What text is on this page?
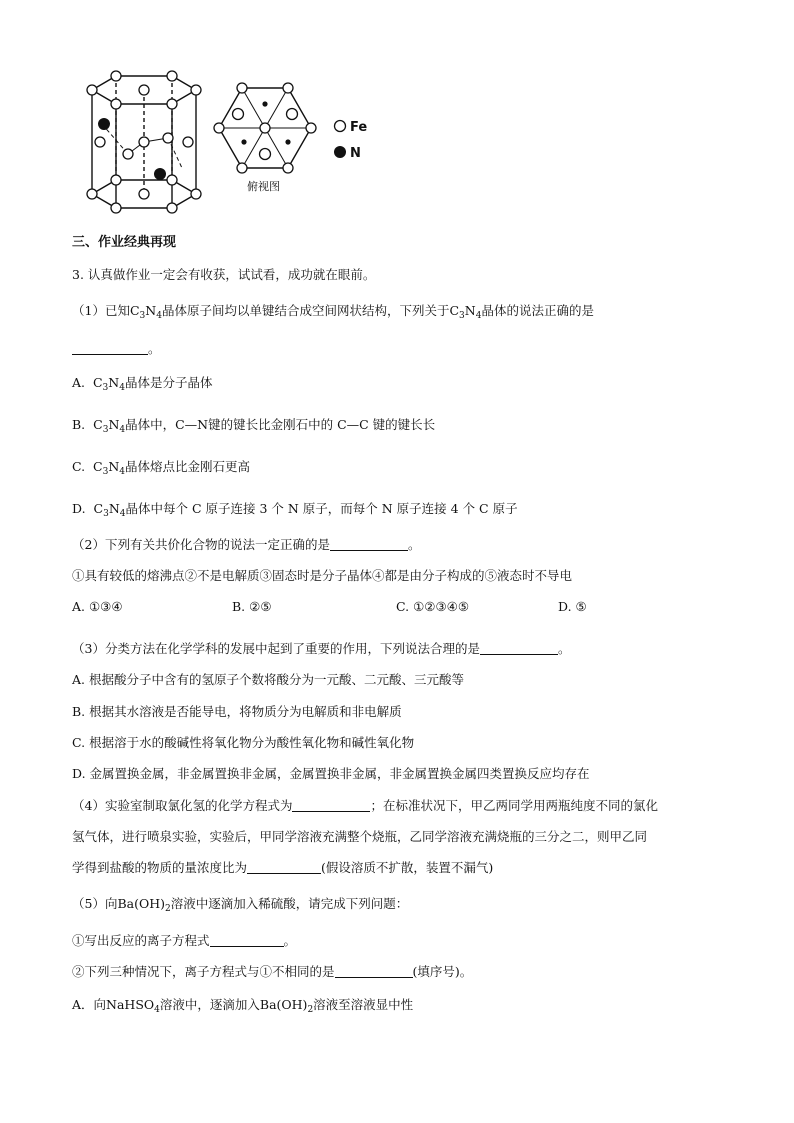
俯视图
Fe
N
三、作业经典再现
3. 认真做作业一定会有收获，试试看，成功就在眼前。
（1）已知$C_3N_4$晶体原子间均以单键结合成空间网状结构，下列关于$C_3N_4$晶体的说法正确的是
。
A. $C_3N_4$晶体是分子晶体
B. $C_3N_4$晶体中，C—N键的键长比金刚石中的 C—C 键的键长长
C. $C_3N_4$晶体熔点比金刚石更高
D. $C_3N_4$晶体中每个 C 原子连接 3 个 N 原子，而每个 N 原子连接 4 个 C 原子
（2）下列有关共价化合物的说法一定正确的是	。
①具有较低的熔沸点②不是电解质③固态时是分子晶体④都是由分子构成的⑤液态时不导电
A. ①③④	B. ②⑤	C. ①②③④⑤	D. ⑤
（3）分类方法在化学学科的发展中起到了重要的作用，下列说法合理的是	。
A. 根据酸分子中含有的氢原子个数将酸分为一元酸、二元酸、三元酸等
B. 根据其水溶液是否能导电，将物质分为电解质和非电解质
C. 根据溶于水的酸碱性将氧化物分为酸性氧化物和碱性氧化物
D. 金属置换金属，非金属置换非金属，金属置换非金属，非金属置换金属四类置换反应均存在
（4）实验室制取氯化氢的化学方程式为	；在标准状况下，甲乙两同学用两瓶纯度不同的氯化
氢气体，进行喷泉实验，实验后，甲同学溶液充满整个烧瓶，乙同学溶液充满烧瓶的三分之二，则甲乙同
学得到盐酸的物质的量浓度比为	(假设溶质不扩散，装置不漏气)
（5）向$Ba(OH)_2$溶液中逐滴加入稀硫酸，请完成下列问题：
①写出反应的离子方程式	。
②下列三种情况下，离子方程式与①不相同的是	(填序号)。
A．向NaHSO$_4$溶液中，逐滴加入$Ba(OH)_2$溶液至溶液显中性
